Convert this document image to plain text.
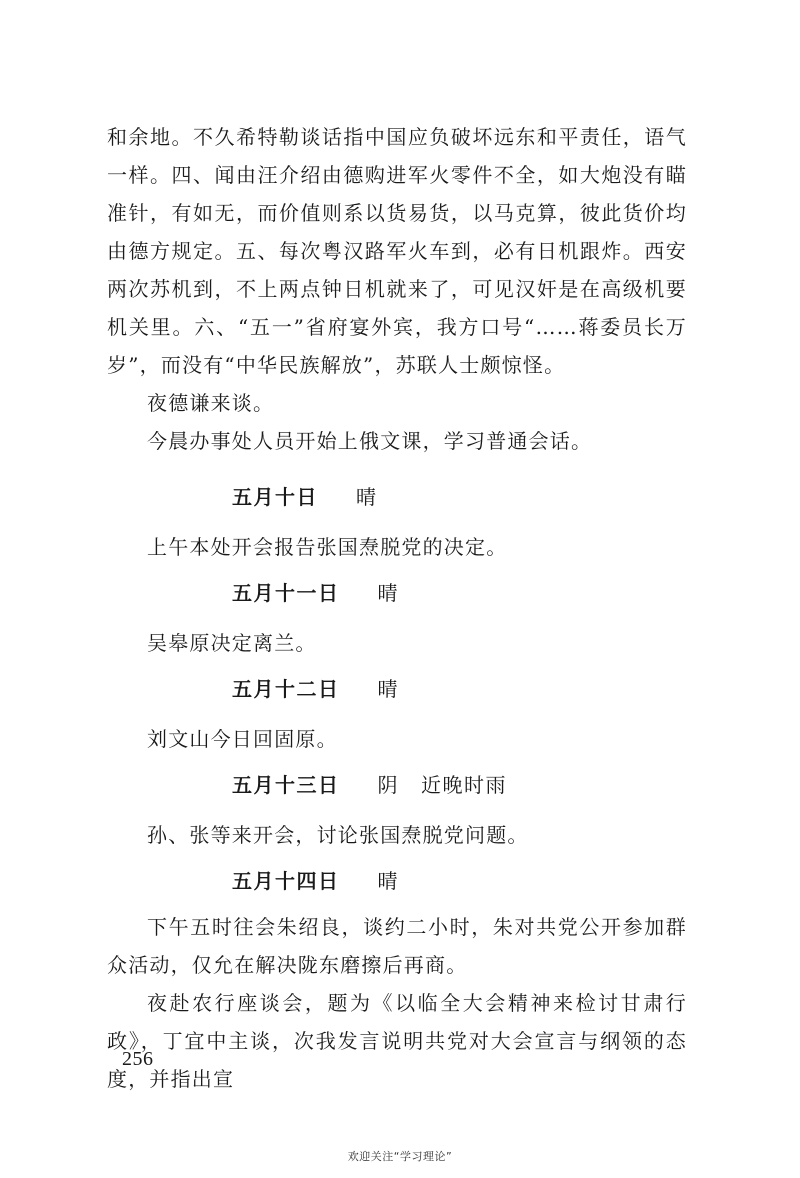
和余地。不久希特勒谈话指中国应负破坏远东和平责任，语气一样。四、闻由汪介绍由德购进军火零件不全，如大炮没有瞄准针，有如无，而价值则系以货易货，以马克算，彼此货价均由德方规定。五、每次粤汉路军火车到，必有日机跟炸。西安两次苏机到，不上两点钟日机就来了，可见汉奸是在高级机要机关里。六、“五一”省府宴外宾，我方口号“……蒋委员长万岁”，而没有“中华民族解放”，苏联人士颇惊怪。

夜德谦来谈。

今晨办事处人员开始上俄文课，学习普通会话。

五月十日 晴

上午本处开会报告张国焘脱党的决定。

五月十一日 晴

吴皋原决定离兰。

五月十二日 晴

刘文山今日回固原。

五月十三日 阴 近晚时雨

孙、张等来开会，讨论张国焘脱党问题。

五月十四日 晴

下午五时往会朱绍良，谈约二小时，朱对共党公开参加群众活动，仅允在解决陇东磨擦后再商。

夜赴农行座谈会，题为《以临全大会精神来检讨甘肃行政》，丁宜中主谈，次我发言说明共党对大会宣言与纲领的态度，并指出宣

256
欢迎关注“学习理论”
